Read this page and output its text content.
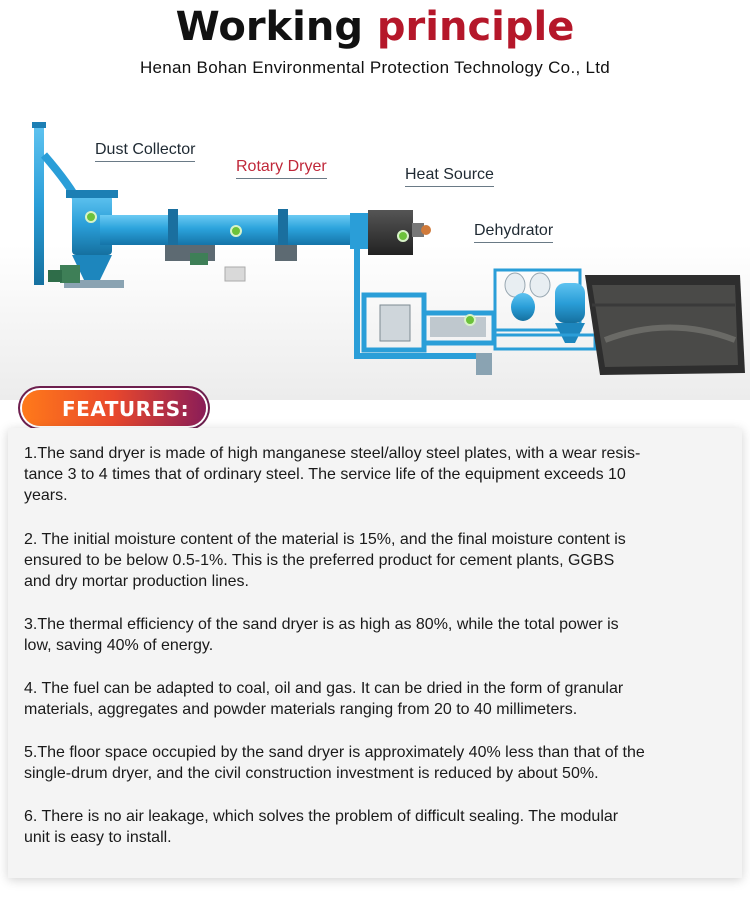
Working principle
Henan Bohan Environmental Protection Technology Co., Ltd
Dust Collector
Rotary Dryer	Heat Source
Dehydrator
FEATURES:
1.The sand dryer is made of high manganese steel/alloy steel plates, with a wear resis-
tance 3 to 4 times that of ordinary steel. The service life of the equipment exceeds 10
years.
2. The initial moisture content of the material is 15%, and the final moisture content is
ensured to be below 0.5-1%. This is the preferred product for cement plants, GGBS
and dry mortar production lines.
3.The thermal efficiency of the sand dryer is as high as 80%, while the total power is
low, saving 40% of energy.
4. The fuel can be adapted to coal, oil and gas. It can be dried in the form of granular
materials, aggregates and powder materials ranging from 20 to 40 millimeters.
5.The floor space occupied by the sand dryer is approximately 40% less than that of the
single-drum dryer, and the civil construction investment is reduced by about 50%.
6. There is no air leakage, which solves the problem of difficult sealing. The modular
unit is easy to install.
